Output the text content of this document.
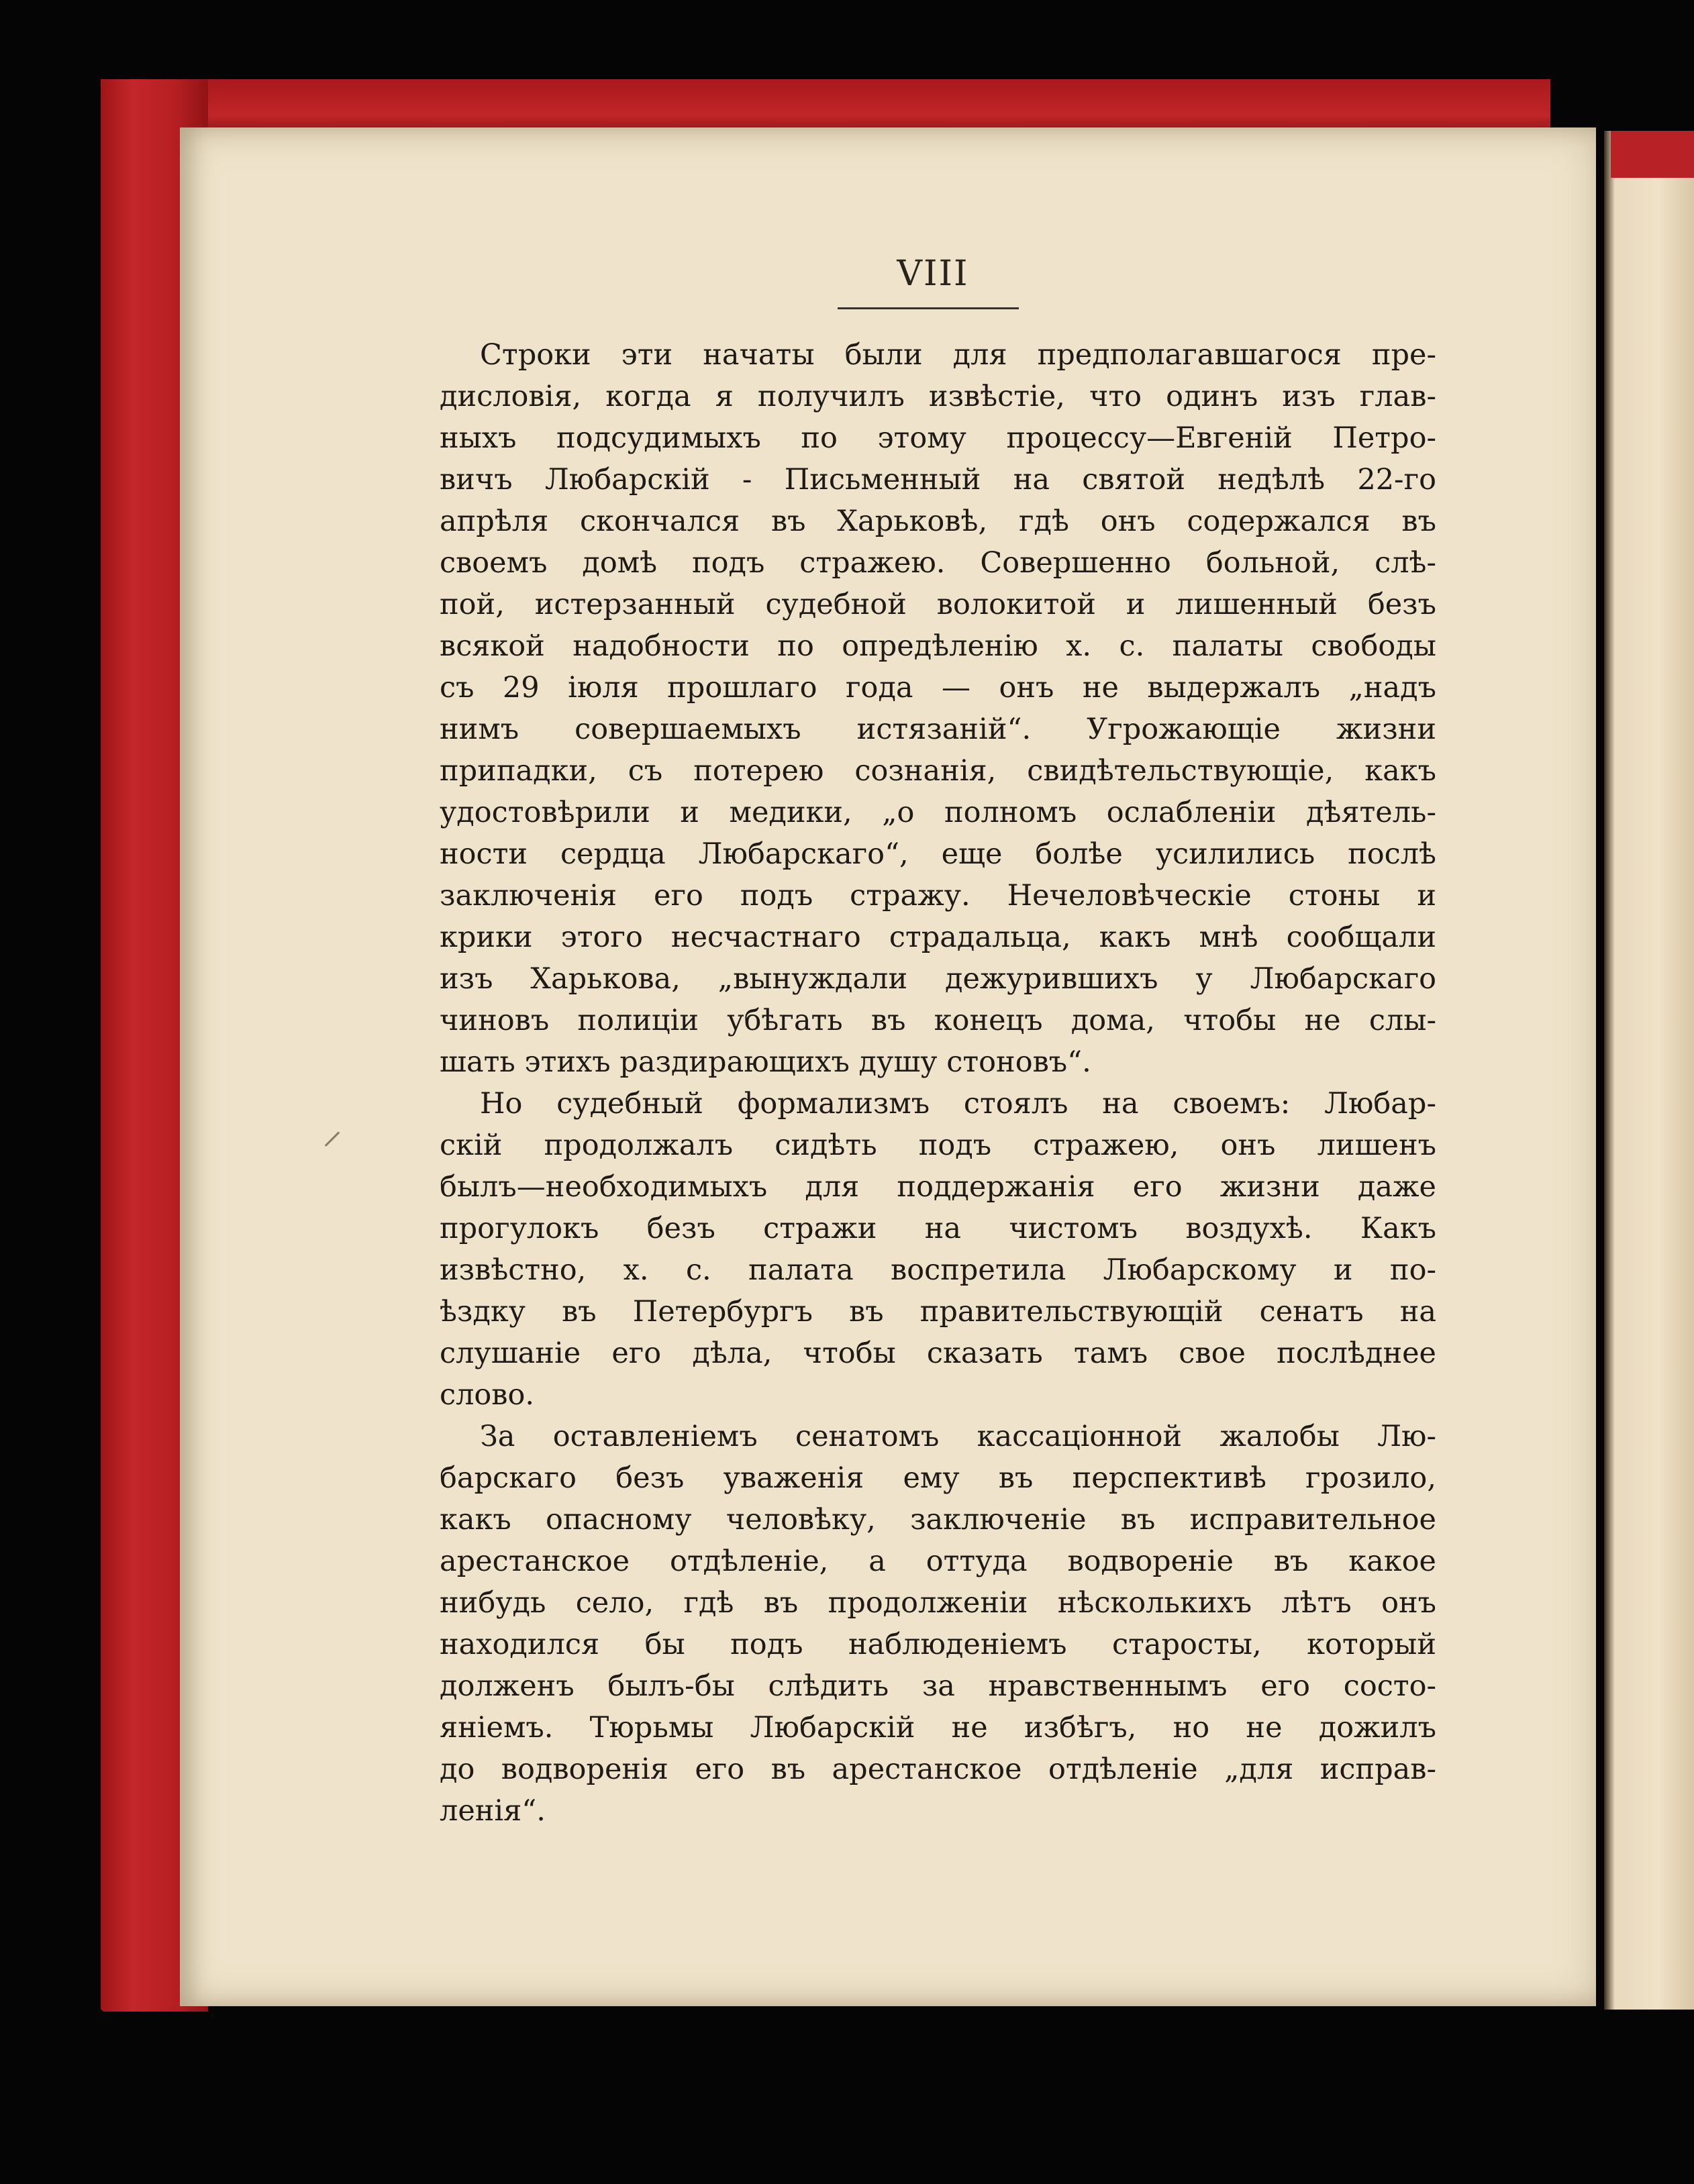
VIII
⸝
Строки эти начаты были для предполагавшагося пре-
дисловія, когда я получилъ извѣстіе, что одинъ изъ глав-
ныхъ подсудимыхъ по этому процессу—Евгеній Петро-
вичъ Любарскій - Письменный на святой недѣлѣ 22-го
апрѣля скончался въ Харьковѣ, гдѣ онъ содержался въ
своемъ домѣ подъ стражею. Совершенно больной, слѣ-
пой, истерзанный судебной волокитой и лишенный безъ
всякой надобности по опредѣленію х. с. палаты свободы
съ 29 іюля прошлаго года — онъ не выдержалъ „надъ
нимъ совершаемыхъ истязаній“. Угрожающіе жизни
припадки, съ потерею сознанія, свидѣтельствующіе, какъ
удостовѣрили и медики, „о полномъ ослабленіи дѣятель-
ности сердца Любарскаго“, еще болѣе усилились послѣ
заключенія его подъ стражу. Нечеловѣческіе стоны и
крики этого несчастнаго страдальца, какъ мнѣ сообщали
изъ Харькова, „вынуждали дежурившихъ у Любарскаго
чиновъ полиціи убѣгать въ конецъ дома, чтобы не слы-
шать этихъ раздирающихъ душу стоновъ“.
Но судебный формализмъ стоялъ на своемъ: Любар-
скій продолжалъ сидѣть подъ стражею, онъ лишенъ
былъ—необходимыхъ для поддержанія его жизни даже
прогулокъ безъ стражи на чистомъ воздухѣ. Какъ
извѣстно, х. с. палата воспретила Любарскому и по-
ѣздку въ Петербургъ въ правительствующій сенатъ на
слушаніе его дѣла, чтобы сказать тамъ свое послѣднее
слово.
За оставленіемъ сенатомъ кассаціонной жалобы Лю-
барскаго безъ уваженія ему въ перспективѣ грозило,
какъ опасному человѣку, заключеніе въ исправительное
арестанское отдѣленіе, а оттуда водвореніе въ какое
нибудь село, гдѣ въ продолженіи нѣсколькихъ лѣтъ онъ
находился бы подъ наблюденіемъ старосты, который
долженъ былъ-бы слѣдить за нравственнымъ его состо-
яніемъ. Тюрьмы Любарскій не избѣгъ, но не дожилъ
до водворенія его въ арестанское отдѣленіе „для исправ-
ленія“.
